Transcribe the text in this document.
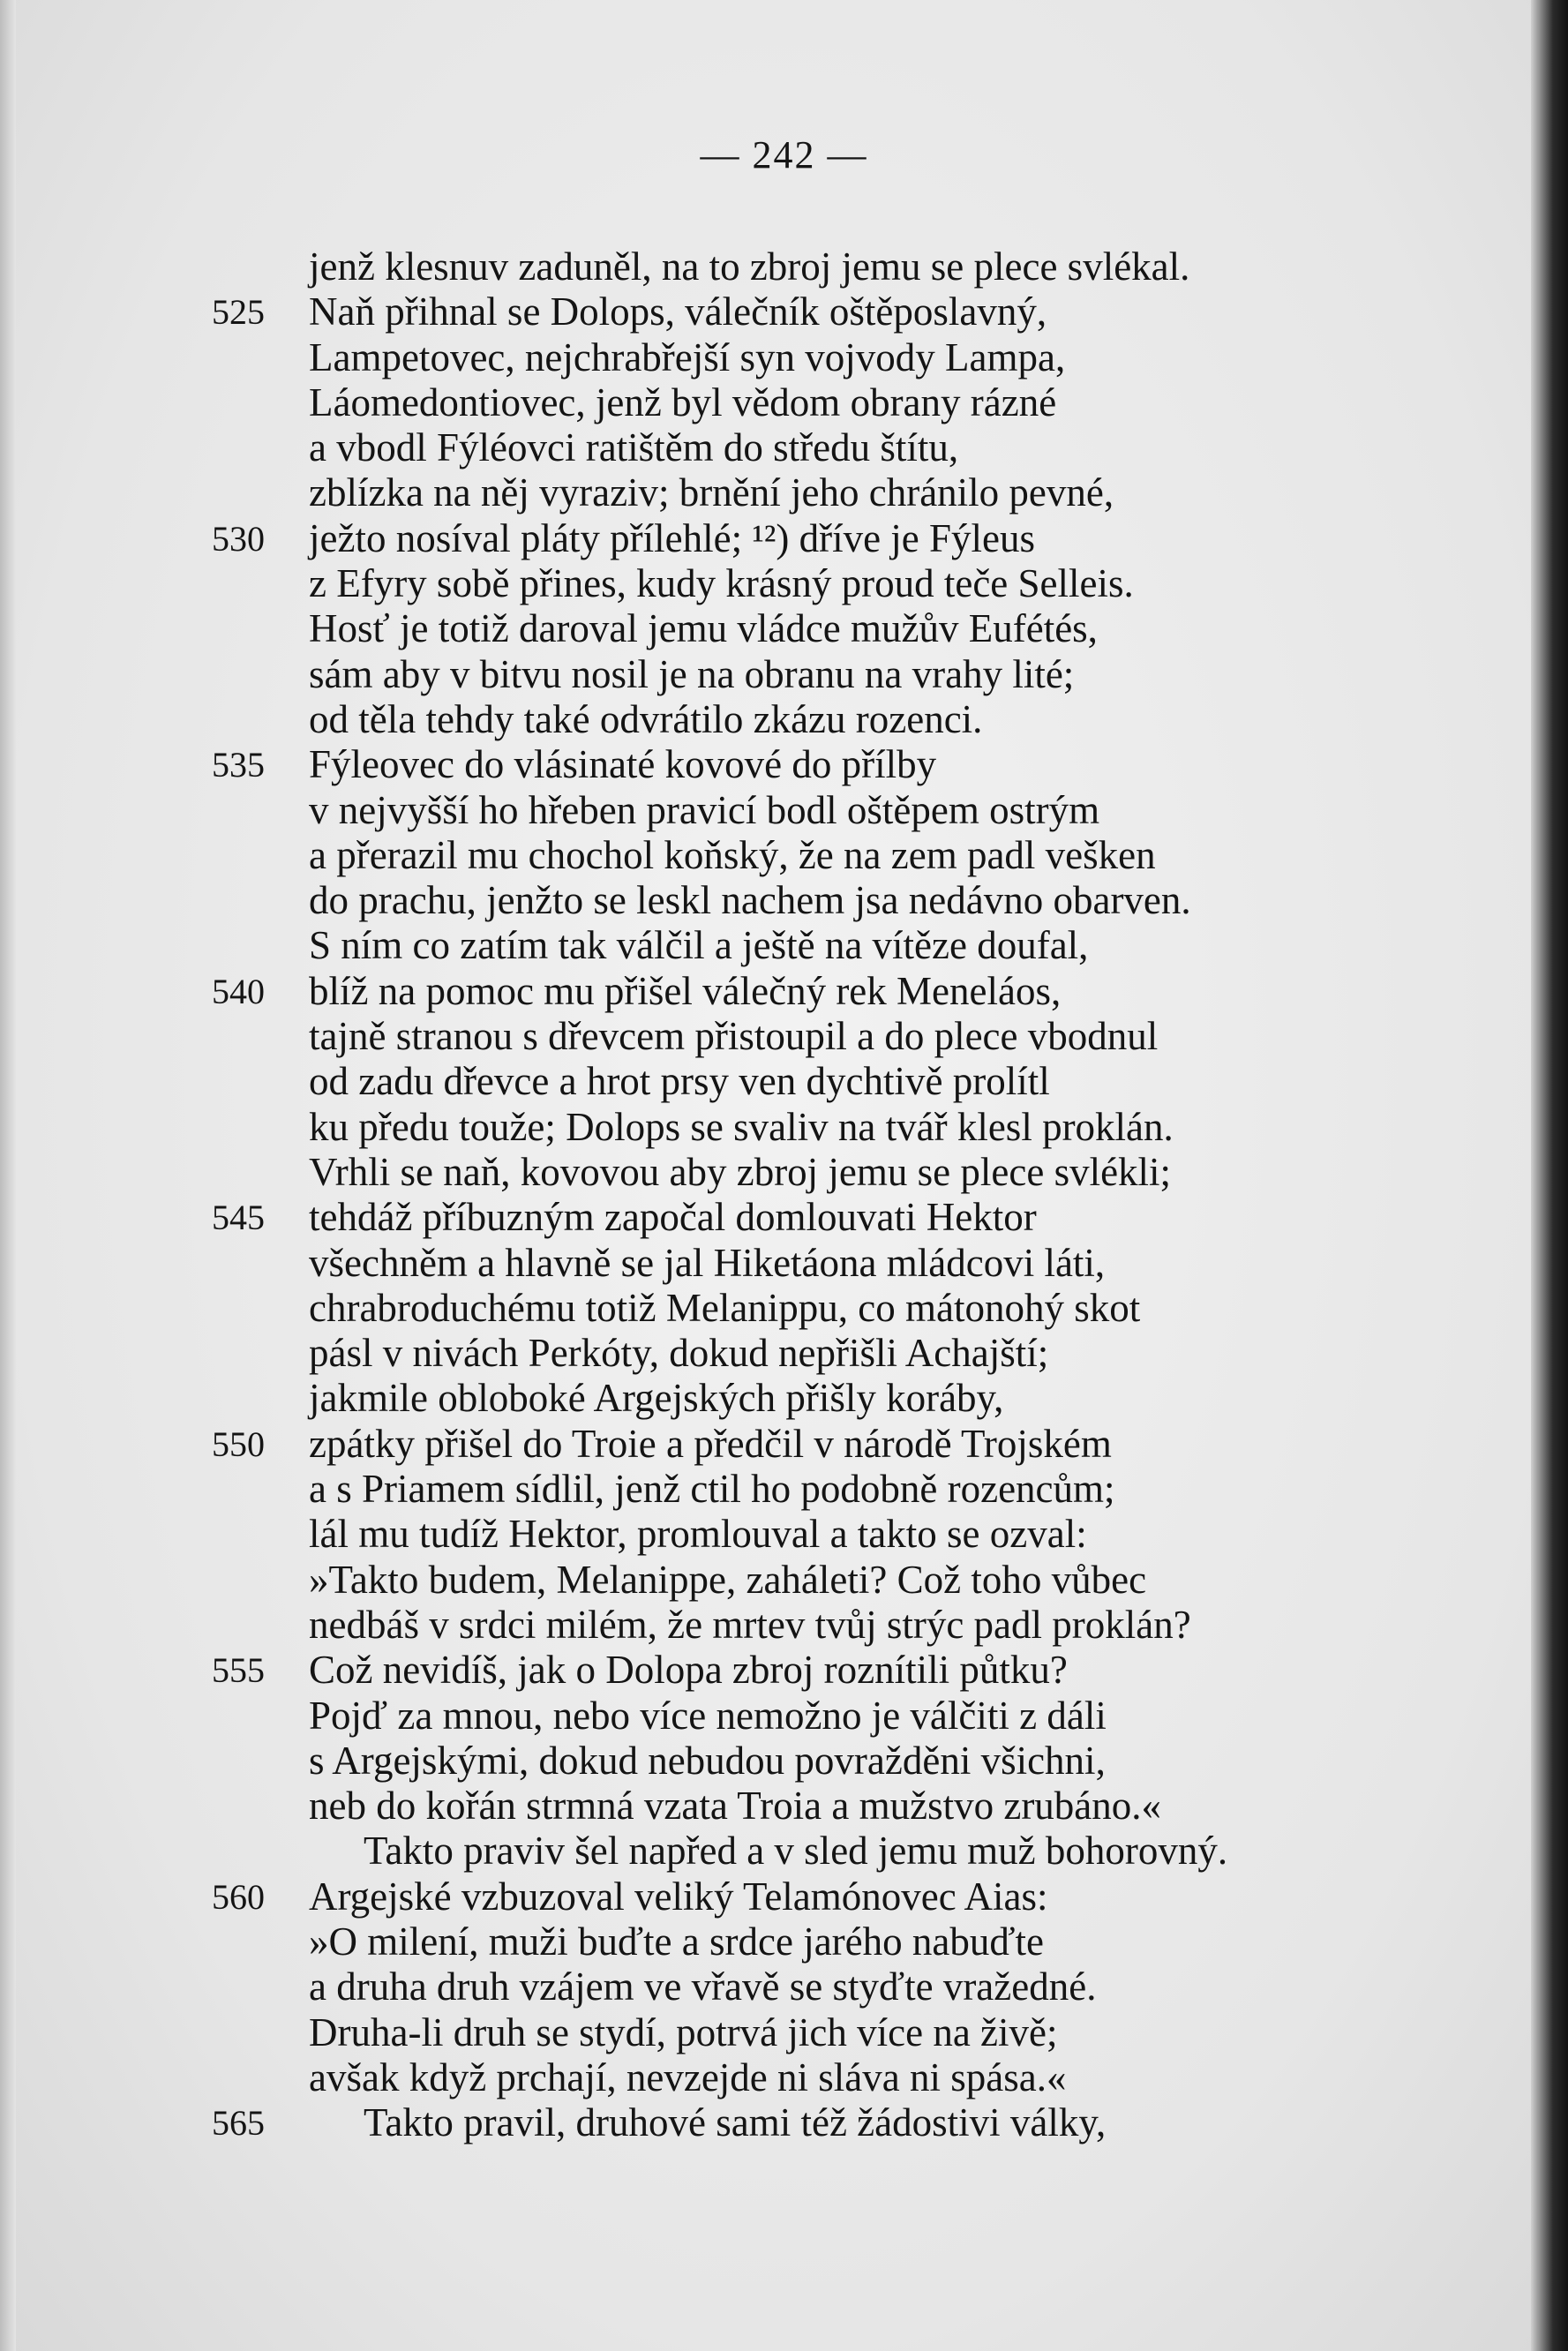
— 242 —
jenž klesnuv zaduněl, na to zbroj jemu se plece svlékal.
525	Naň přihnal se Dolops, válečník oštěposlavný,
Lampetovec, nejchrabřejší syn vojvody Lampa,
Láomedontiovec, jenž byl vědom obrany rázné
a vbodl Fýléovci ratištěm do středu štítu,
zblízka na něj vyraziv; brnění jeho chránilo pevné,
530	ježto nosíval pláty přílehlé; ¹²) dříve je Fýleus
z Efyry sobě přines, kudy krásný proud teče Selleis.
Hosť je totiž daroval jemu vládce mužův Eufétés,
sám aby v bitvu nosil je na obranu na vrahy lité;
od těla tehdy také odvrátilo zkázu rozenci.
535	Fýleovec do vlásinaté kovové do přílby
v nejvyšší ho hřeben pravicí bodl oštěpem ostrým
a přerazil mu chochol koňský, že na zem padl vešken
do prachu, jenžto se leskl nachem jsa nedávno obarven.
S ním co zatím tak válčil a ještě na vítěze doufal,
540	blíž na pomoc mu přišel válečný rek Meneláos,
tajně stranou s dřevcem přistoupil a do plece vbodnul
od zadu dřevce a hrot prsy ven dychtivě prolítl
ku předu touže; Dolops se svaliv na tvář klesl proklán.
Vrhli se naň, kovovou aby zbroj jemu se plece svlékli;
545	tehdáž příbuzným započal domlouvati Hektor
všechněm a hlavně se jal Hiketáona mládcovi láti,
chrabroduchému totiž Melanippu, co mátonohý skot
pásl v nivách Perkóty, dokud nepřišli Achajští;
jakmile obloboké Argejských přišly koráby,
550	zpátky přišel do Troie a předčil v národě Trojském
a s Priamem sídlil, jenž ctil ho podobně rozencům;
lál mu tudíž Hektor, promlouval a takto se ozval:
»Takto budem, Melanippe, zaháleti? Což toho vůbec
nedbáš v srdci milém, že mrtev tvůj strýc padl proklán?
555	Což nevidíš, jak o Dolopa zbroj roznítili půtku?
Pojď za mnou, nebo více nemožno je válčiti z dáli
s Argejskými, dokud nebudou povražděni všichni,
neb do kořán strmná vzata Troia a mužstvo zrubáno.«
Takto praviv šel napřed a v sled jemu muž bohorovný.
560	Argejské vzbuzoval veliký Telamónovec Aias:
»O milení, muži buďte a srdce jarého nabuďte
a druha druh vzájem ve vřavě se styďte vražedné.
Druha-li druh se stydí, potrvá jich více na živě;
avšak když prchají, nevzejde ni sláva ni spása.«
565	Takto pravil, druhové sami též žádostivi války,
